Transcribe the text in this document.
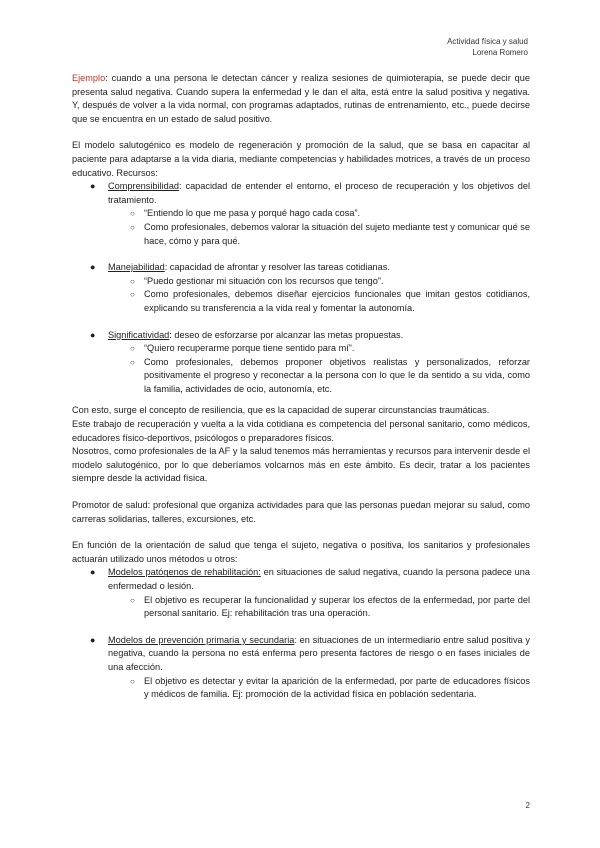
Actividad física y salud
Lorena Romero

Ejemplo: cuando a una persona le detectan cáncer y realiza sesiones de quimioterapia, se puede decir que presenta salud negativa. Cuando supera la enfermedad y le dan el alta, está entre la salud positiva y negativa. Y, después de volver a la vida normal, con programas adaptados, rutinas de entrenamiento, etc., puede decirse que se encuentra en un estado de salud positivo.

El modelo salutogénico es modelo de regeneración y promoción de la salud, que se basa en capacitar al paciente para adaptarse a la vida diaria, mediante competencias y habilidades motrices, a través de un proceso educativo. Recursos:

● Comprensibilidad: capacidad de entender el entorno, el proceso de recuperación y los objetivos del tratamiento.
○ “Entiendo lo que me pasa y porqué hago cada cosa”.
○ Como profesionales, debemos valorar la situación del sujeto mediante test y comunicar qué se hace, cómo y para qué.
● Manejabilidad: capacidad de afrontar y resolver las tareas cotidianas.
○ “Puedo gestionar mi situación con los recursos que tengo”.
○ Como profesionales, debemos diseñar ejercicios funcionales que imitan gestos cotidianos, explicando su transferencia a la vida real y fomentar la autonomía.
● Significatividad: deseo de esforzarse por alcanzar las metas propuestas.
○ “Quiero recuperarme porque tiene sentido para mí”.
○ Como profesionales, debemos proponer objetivos realistas y personalizados, reforzar positivamente el progreso y reconectar a la persona con lo que le da sentido a su vida, como la familia, actividades de ocio, autonomía, etc.

Con esto, surge el concepto de resiliencia, que es la capacidad de superar circunstancias traumáticas.

Este trabajo de recuperación y vuelta a la vida cotidiana es competencia del personal sanitario, como médicos, educadores físico-deportivos, psicólogos o preparadores físicos.

Nosotros, como profesionales de la AF y la salud tenemos más herramientas y recursos para intervenir desde el modelo salutogénico, por lo que deberíamos volcarnos más en este ámbito. Es decir, tratar a los pacientes siempre desde la actividad física.

Promotor de salud: profesional que organiza actividades para que las personas puedan mejorar su salud, como carreras solidarias, talleres, excursiones, etc.

En función de la orientación de salud que tenga el sujeto, negativa o positiva, los sanitarios y profesionales actuarán utilizado unos métodos u otros:

● Modelos patógenos de rehabilitación: en situaciones de salud negativa, cuando la persona padece una enfermedad o lesión.
○ El objetivo es recuperar la funcionalidad y superar los efectos de la enfermedad, por parte del personal sanitario. Ej: rehabilitación tras una operación.
● Modelos de prevención primaria y secundaria: en situaciones de un intermediario entre salud positiva y negativa, cuando la persona no está enferma pero presenta factores de riesgo o en fases iniciales de una afección.
○ El objetivo es detectar y evitar la aparición de la enfermedad, por parte de educadores físicos y médicos de familia. Ej: promoción de la actividad física en población sedentaria.
2
